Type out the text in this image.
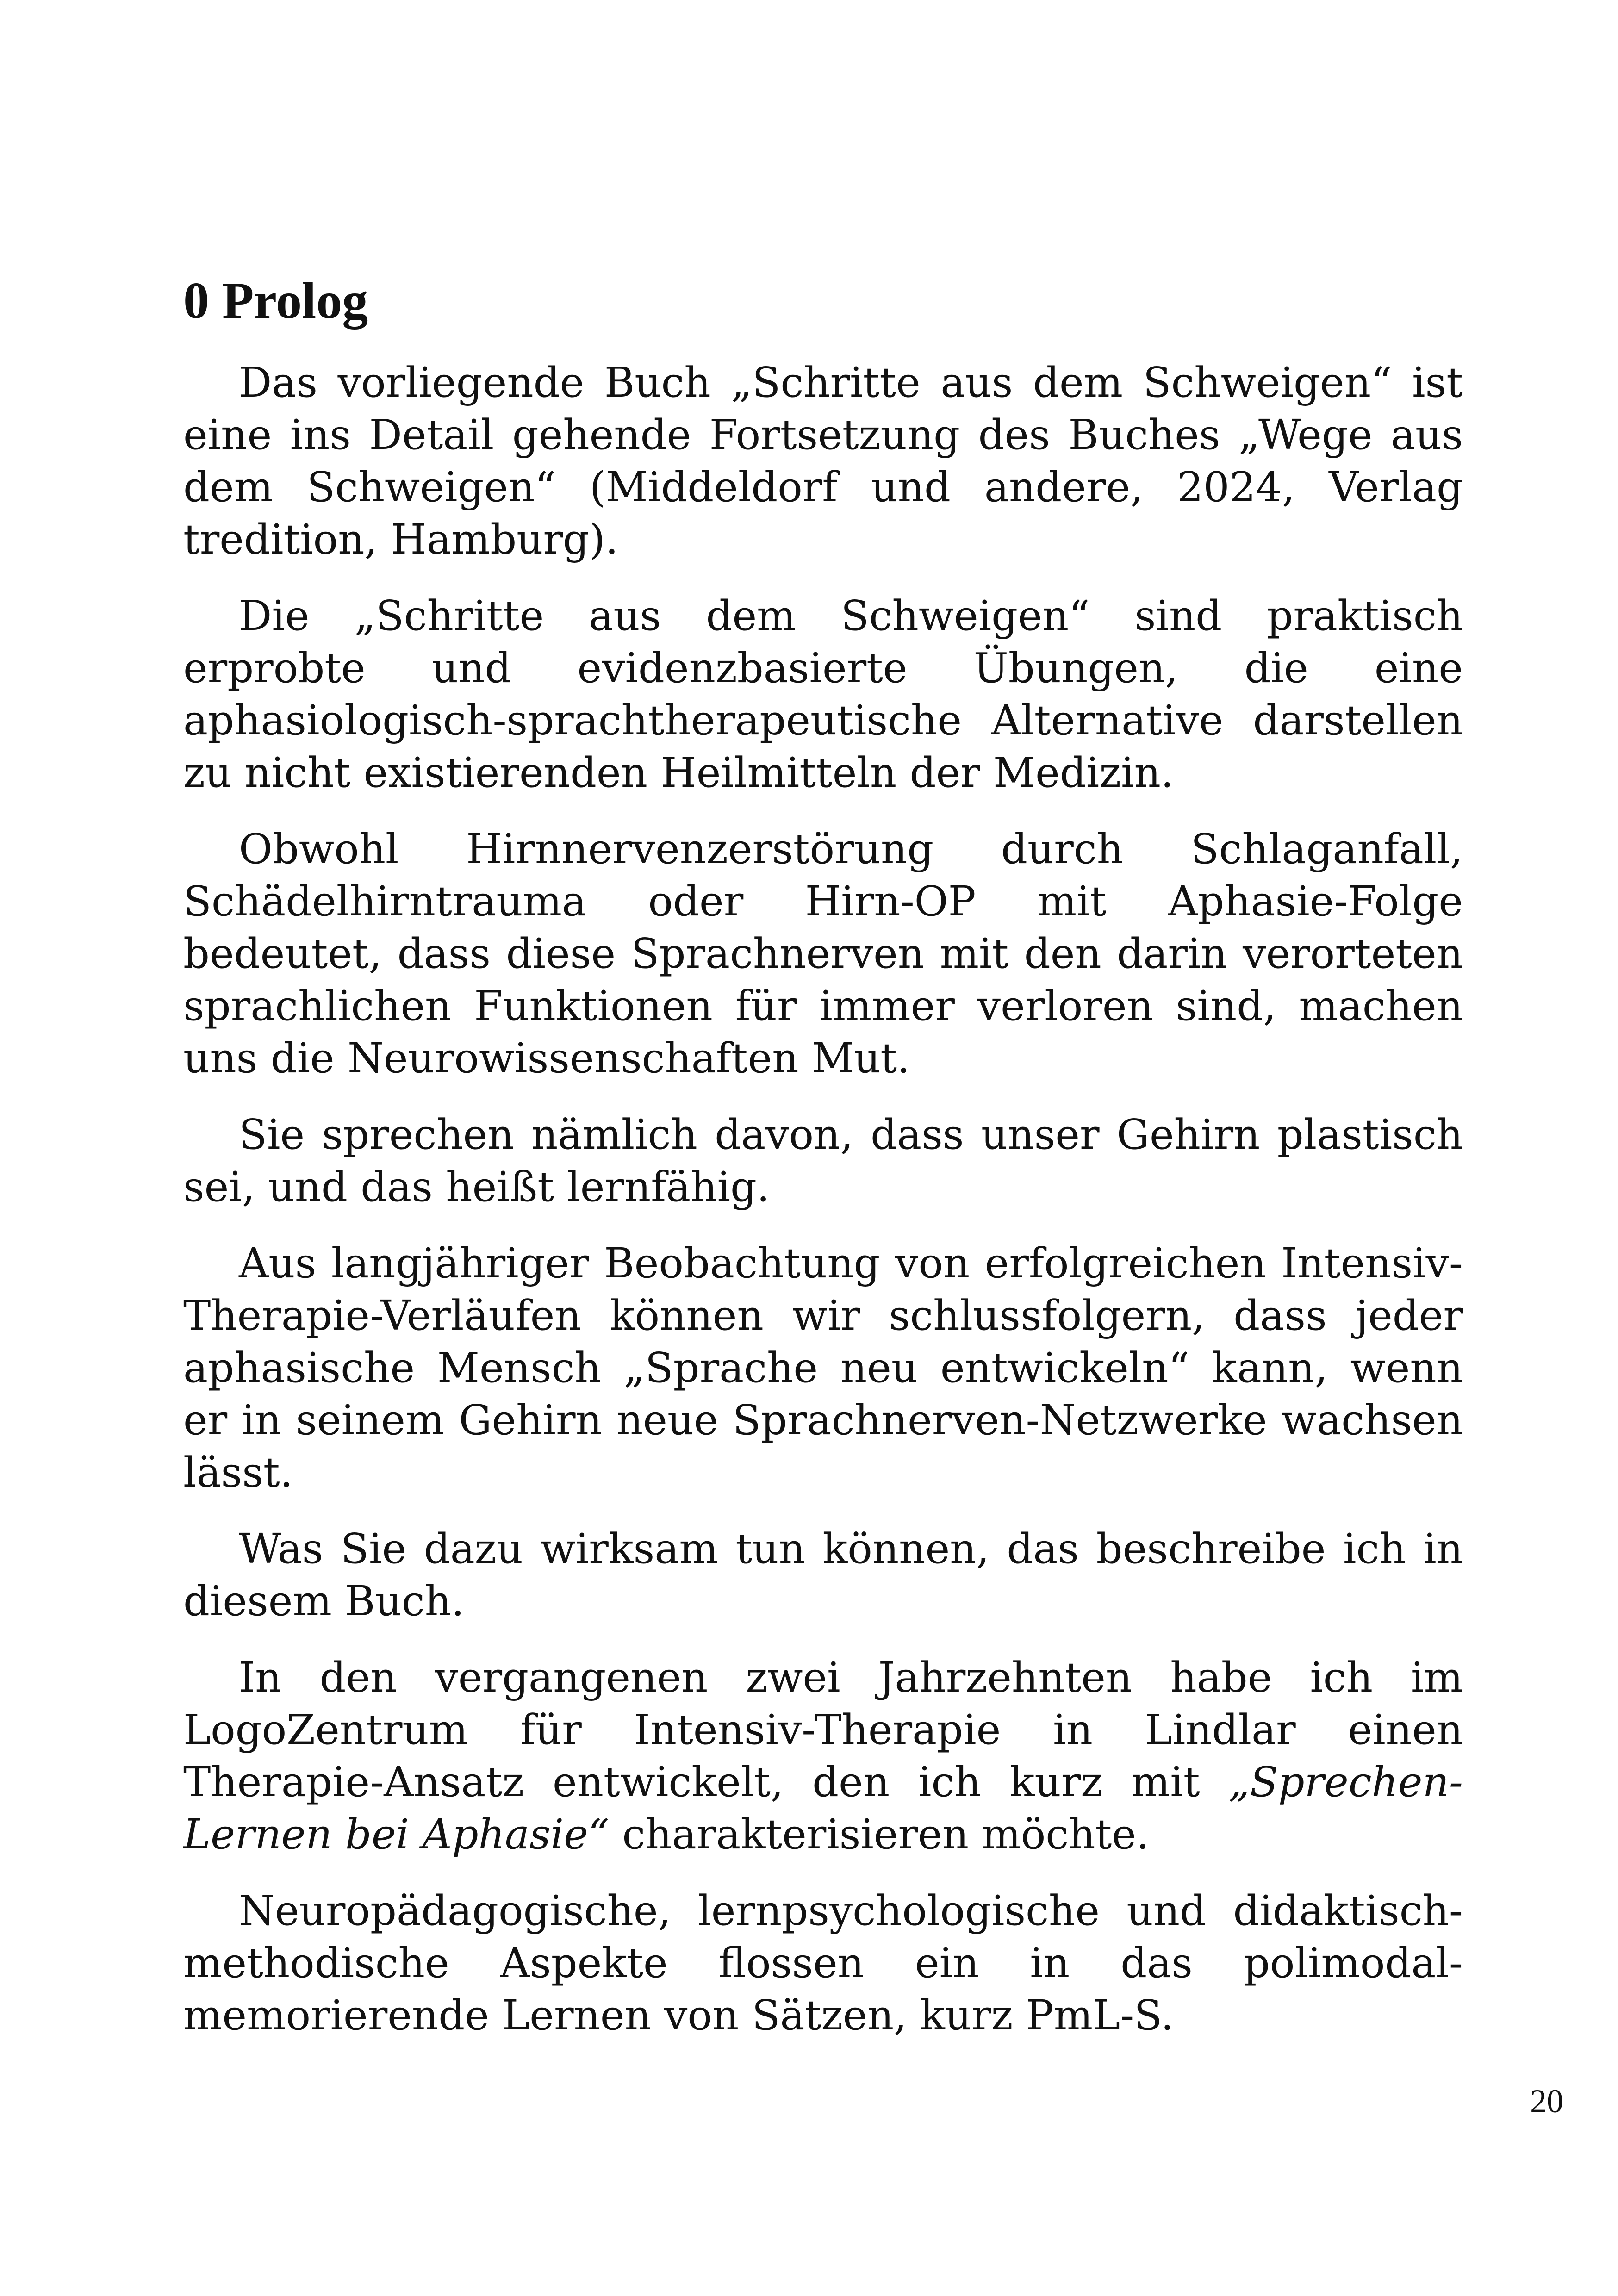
0 Prolog

Das vorliegende Buch „Schritte aus dem Schweigen“ ist eine ins Detail gehende Fortsetzung des Buches „Wege aus dem Schweigen“ (Middeldorf und andere, 2024, Verlag tredition, Hamburg).

Die „Schritte aus dem Schweigen“ sind praktisch erprobte und evidenzbasierte Übungen, die eine aphasiologisch-sprachtherapeutische Alternative darstellen zu nicht existierenden Heilmitteln der Medizin.

Obwohl Hirnnervenzerstörung durch Schlaganfall, Schädelhirntrauma oder Hirn-OP mit Aphasie-Folge bedeutet, dass diese Sprachnerven mit den darin verorteten sprachlichen Funktionen für immer verloren sind, machen uns die Neurowissenschaften Mut.

Sie sprechen nämlich davon, dass unser Gehirn plastisch sei, und das heißt lernfähig.

Aus langjähriger Beobachtung von erfolgreichen Intensiv-Therapie-Verläufen können wir schlussfolgern, dass jeder aphasische Mensch „Sprache neu entwickeln“ kann, wenn er in seinem Gehirn neue Sprachnerven-Netzwerke wachsen lässt.

Was Sie dazu wirksam tun können, das beschreibe ich in diesem Buch.

In den vergangenen zwei Jahrzehnten habe ich im LogoZentrum für Intensiv-Therapie in Lindlar einen Therapie-Ansatz entwickelt, den ich kurz mit „Sprechen-Lernen bei Aphasie“ charakterisieren möchte.

Neuropädagogische, lernpsychologische und didaktisch-methodische Aspekte flossen ein in das polimodal-memorierende Lernen von Sätzen, kurz PmL-S.

20
